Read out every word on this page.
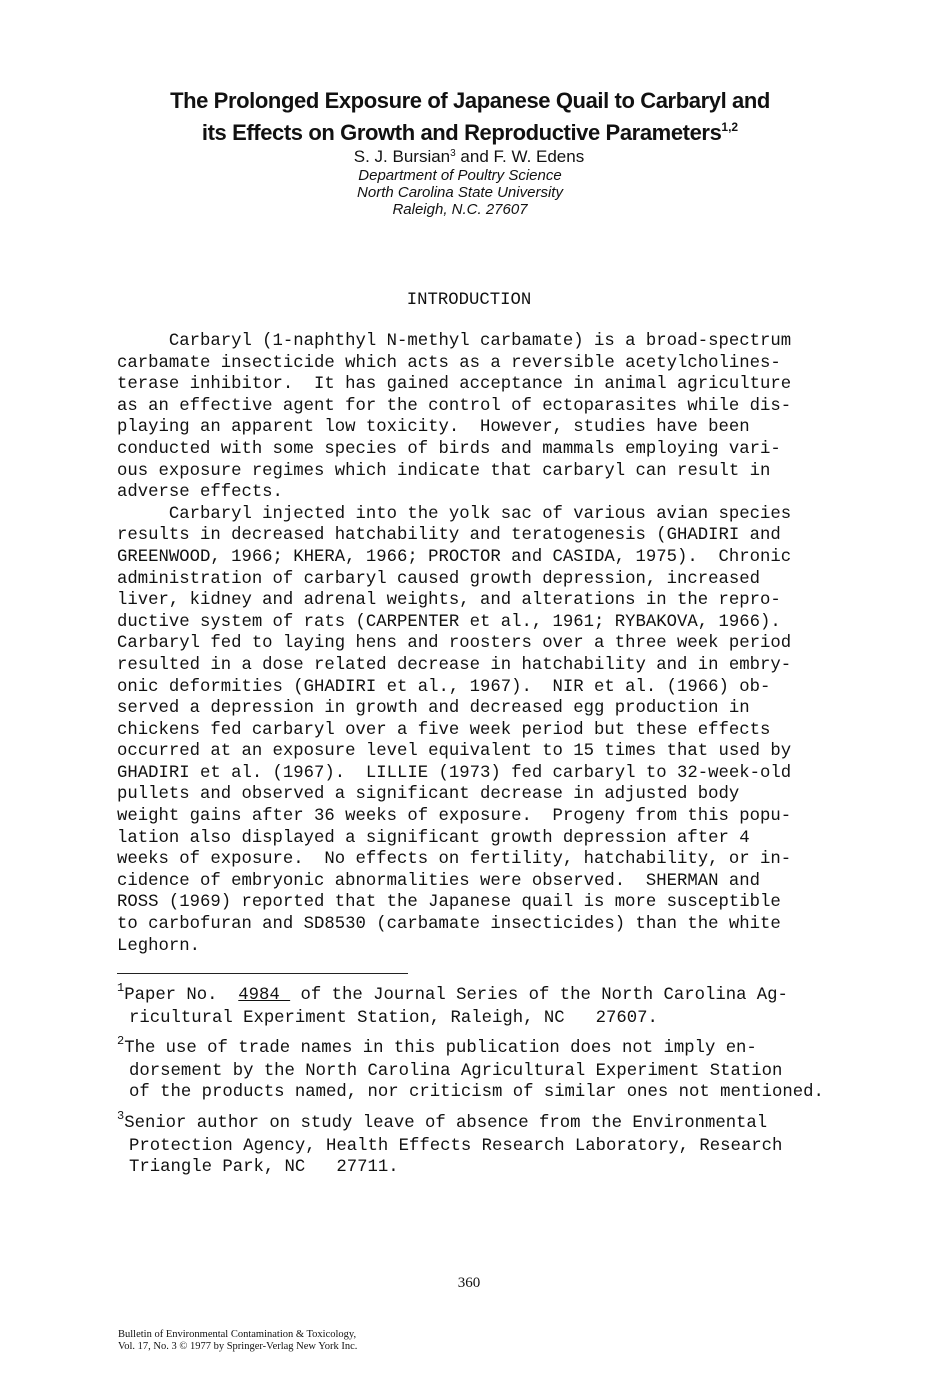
The Prolonged Exposure of Japanese Quail to Carbaryl and
its Effects on Growth and Reproductive Parameters$^{1,2}$
S. J. Bursian$^3$ and F. W. Edens
Department of Poultry Science
North Carolina State University
Raleigh, N.C. 27607
INTRODUCTION
Carbaryl (1-naphthyl N-methyl carbamate) is a broad-spectrum
carbamate insecticide which acts as a reversible acetylcholines-
terase inhibitor.  It has gained acceptance in animal agriculture
as an effective agent for the control of ectoparasites while dis-
playing an apparent low toxicity.  However, studies have been
conducted with some species of birds and mammals employing vari-
ous exposure regimes which indicate that carbaryl can result in
adverse effects.
Carbaryl injected into the yolk sac of various avian species
results in decreased hatchability and teratogenesis (GHADIRI and
GREENWOOD, 1966; KHERA, 1966; PROCTOR and CASIDA, 1975).  Chronic
administration of carbaryl caused growth depression, increased
liver, kidney and adrenal weights, and alterations in the repro-
ductive system of rats (CARPENTER et al., 1961; RYBAKOVA, 1966).
Carbaryl fed to laying hens and roosters over a three week period
resulted in a dose related decrease in hatchability and in embry-
onic deformities (GHADIRI et al., 1967).  NIR et al. (1966) ob-
served a depression in growth and decreased egg production in
chickens fed carbaryl over a five week period but these effects
occurred at an exposure level equivalent to 15 times that used by
GHADIRI et al. (1967).  LILLIE (1973) fed carbaryl to 32-week-old
pullets and observed a significant decrease in adjusted body
weight gains after 36 weeks of exposure.  Progeny from this popu-
lation also displayed a significant growth depression after 4
weeks of exposure.  No effects on fertility, hatchability, or in-
cidence of embryonic abnormalities were observed.  SHERMAN and
ROSS (1969) reported that the Japanese quail is more susceptible
to carbofuran and SD8530 (carbamate insecticides) than the white
Leghorn.
$^1$Paper No.  4984  of the Journal Series of the North Carolina Ag-
ricultural Experiment Station, Raleigh, NC   27607.
$^2$The use of trade names in this publication does not imply en-
dorsement by the North Carolina Agricultural Experiment Station
of the products named, nor criticism of similar ones not mentioned.
$^3$Senior author on study leave of absence from the Environmental
Protection Agency, Health Effects Research Laboratory, Research
Triangle Park, NC   27711.
360
Bulletin of Environmental Contamination & Toxicology,
Vol. 17, No. 3 © 1977 by Springer-Verlag New York Inc.
